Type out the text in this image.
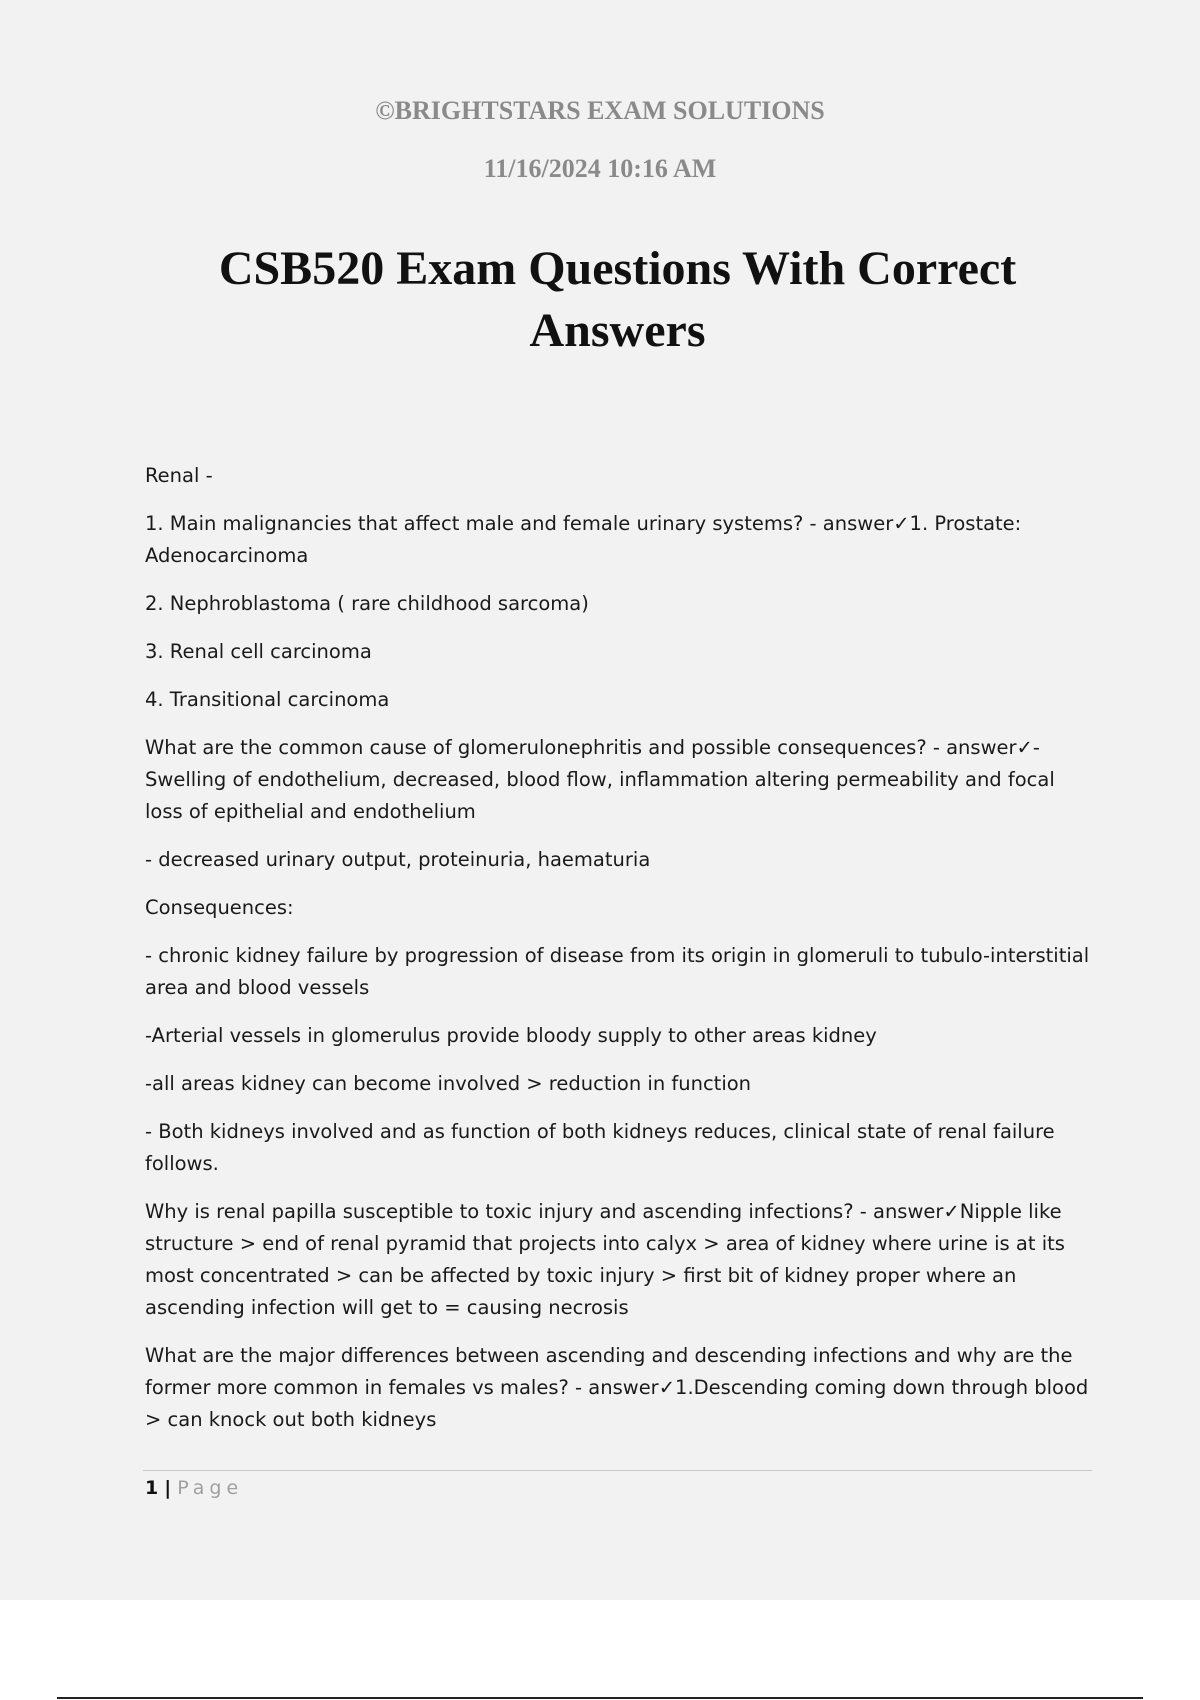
©BRIGHTSTARS EXAM SOLUTIONS
11/16/2024 10:16 AM
CSB520 Exam Questions With Correct Answers

Renal -

1. Main malignancies that affect male and female urinary systems? - answer✓1. Prostate: Adenocarcinoma

2. Nephroblastoma ( rare childhood sarcoma)

3. Renal cell carcinoma

4. Transitional carcinoma

What are the common cause of glomerulonephritis and possible consequences? - answer✓- Swelling of endothelium, decreased, blood flow, inflammation altering permeability and focal loss of epithelial and endothelium

- decreased urinary output, proteinuria, haematuria

Consequences:

- chronic kidney failure by progression of disease from its origin in glomeruli to tubulo-interstitial area and blood vessels

-Arterial vessels in glomerulus provide bloody supply to other areas kidney

-all areas kidney can become involved > reduction in function

- Both kidneys involved and as function of both kidneys reduces, clinical state of renal failure follows.

Why is renal papilla susceptible to toxic injury and ascending infections? - answer✓Nipple like structure > end of renal pyramid that projects into calyx > area of kidney where urine is at its most concentrated > can be affected by toxic injury > first bit of kidney proper where an ascending infection will get to = causing necrosis

What are the major differences between ascending and descending infections and why are the former more common in females vs males? - answer✓1.Descending coming down through blood > can knock out both kidneys

1 | Page
